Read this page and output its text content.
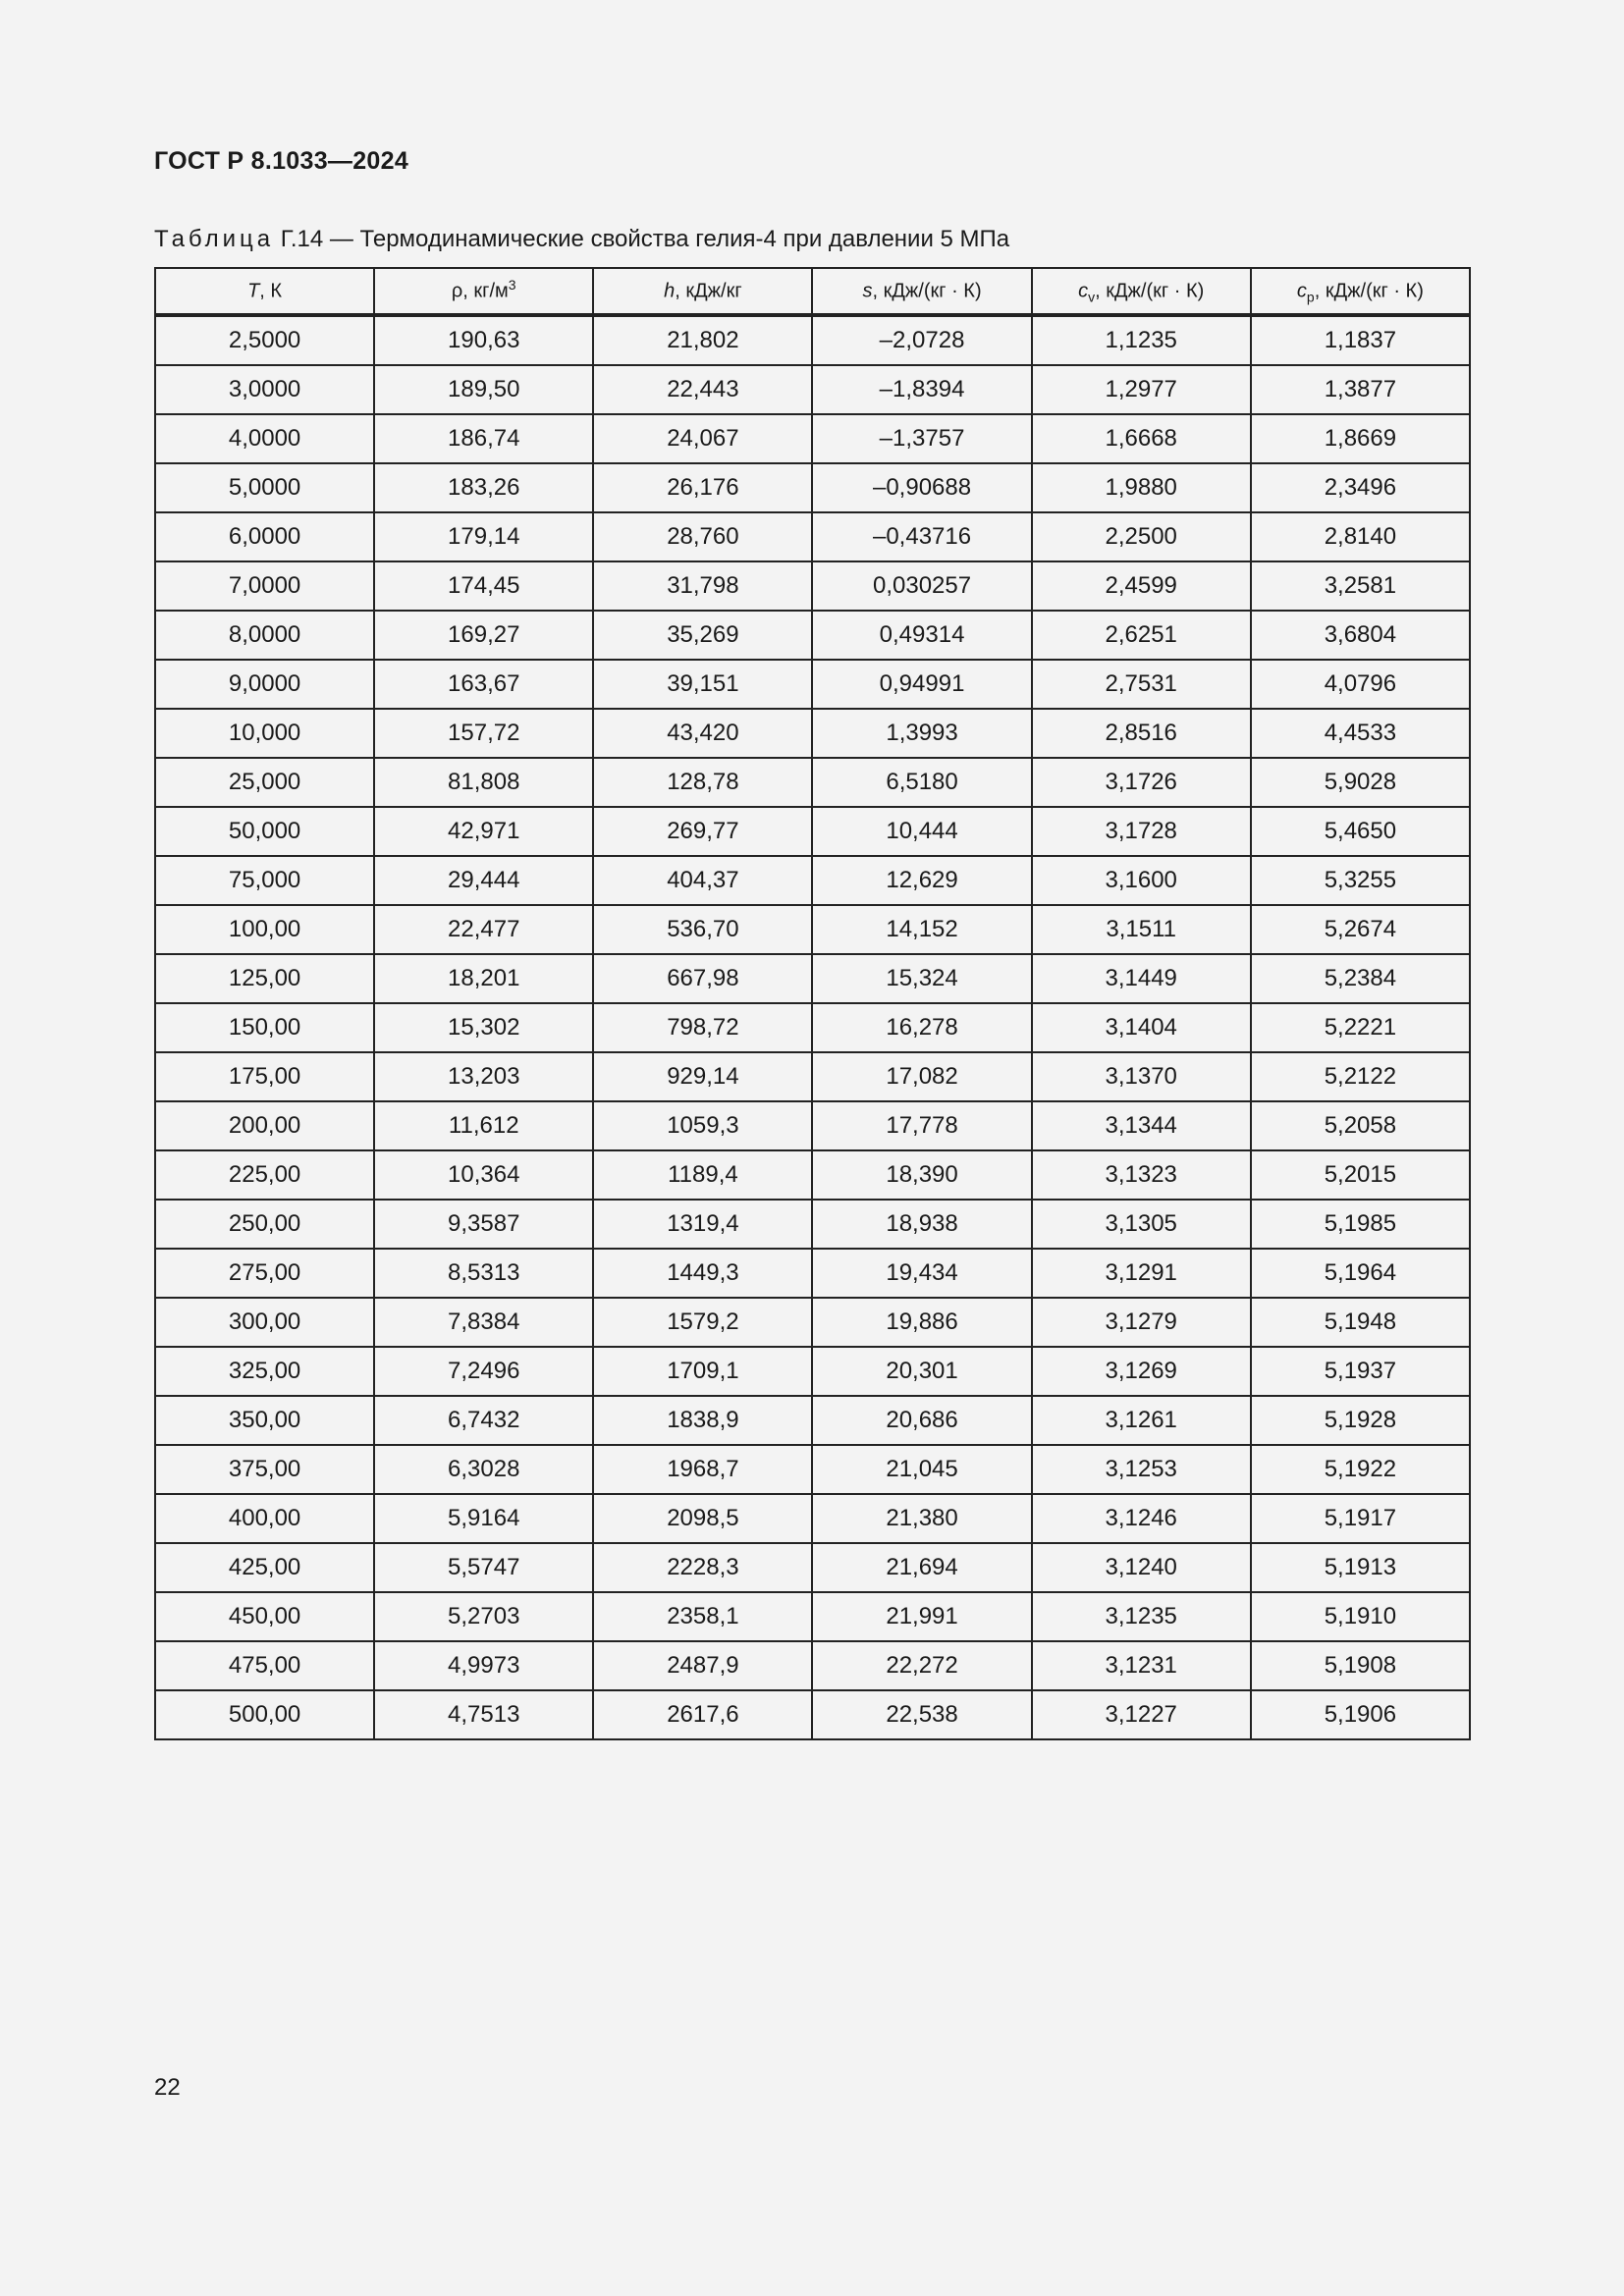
ГОСТ Р 8.1033—2024
Таблица Г.14 — Термодинамические свойства гелия-4 при давлении 5 МПа
T, К	ρ, $кг/м^3$	h, кДж/кг	s, кДж/(кг · К)	$c_v$, кДж/(кг · К)	$c_p$, кДж/(кг · К)
2,5000	190,63	21,802	–2,0728	1,1235	1,1837
3,0000	189,50	22,443	–1,8394	1,2977	1,3877
4,0000	186,74	24,067	–1,3757	1,6668	1,8669
5,0000	183,26	26,176	–0,90688	1,9880	2,3496
6,0000	179,14	28,760	–0,43716	2,2500	2,8140
7,0000	174,45	31,798	0,030257	2,4599	3,2581
8,0000	169,27	35,269	0,49314	2,6251	3,6804
9,0000	163,67	39,151	0,94991	2,7531	4,0796
10,000	157,72	43,420	1,3993	2,8516	4,4533
25,000	81,808	128,78	6,5180	3,1726	5,9028
50,000	42,971	269,77	10,444	3,1728	5,4650
75,000	29,444	404,37	12,629	3,1600	5,3255
100,00	22,477	536,70	14,152	3,1511	5,2674
125,00	18,201	667,98	15,324	3,1449	5,2384
150,00	15,302	798,72	16,278	3,1404	5,2221
175,00	13,203	929,14	17,082	3,1370	5,2122
200,00	11,612	1059,3	17,778	3,1344	5,2058
225,00	10,364	1189,4	18,390	3,1323	5,2015
250,00	9,3587	1319,4	18,938	3,1305	5,1985
275,00	8,5313	1449,3	19,434	3,1291	5,1964
300,00	7,8384	1579,2	19,886	3,1279	5,1948
325,00	7,2496	1709,1	20,301	3,1269	5,1937
350,00	6,7432	1838,9	20,686	3,1261	5,1928
375,00	6,3028	1968,7	21,045	3,1253	5,1922
400,00	5,9164	2098,5	21,380	3,1246	5,1917
425,00	5,5747	2228,3	21,694	3,1240	5,1913
450,00	5,2703	2358,1	21,991	3,1235	5,1910
475,00	4,9973	2487,9	22,272	3,1231	5,1908
500,00	4,7513	2617,6	22,538	3,1227	5,1906
22
